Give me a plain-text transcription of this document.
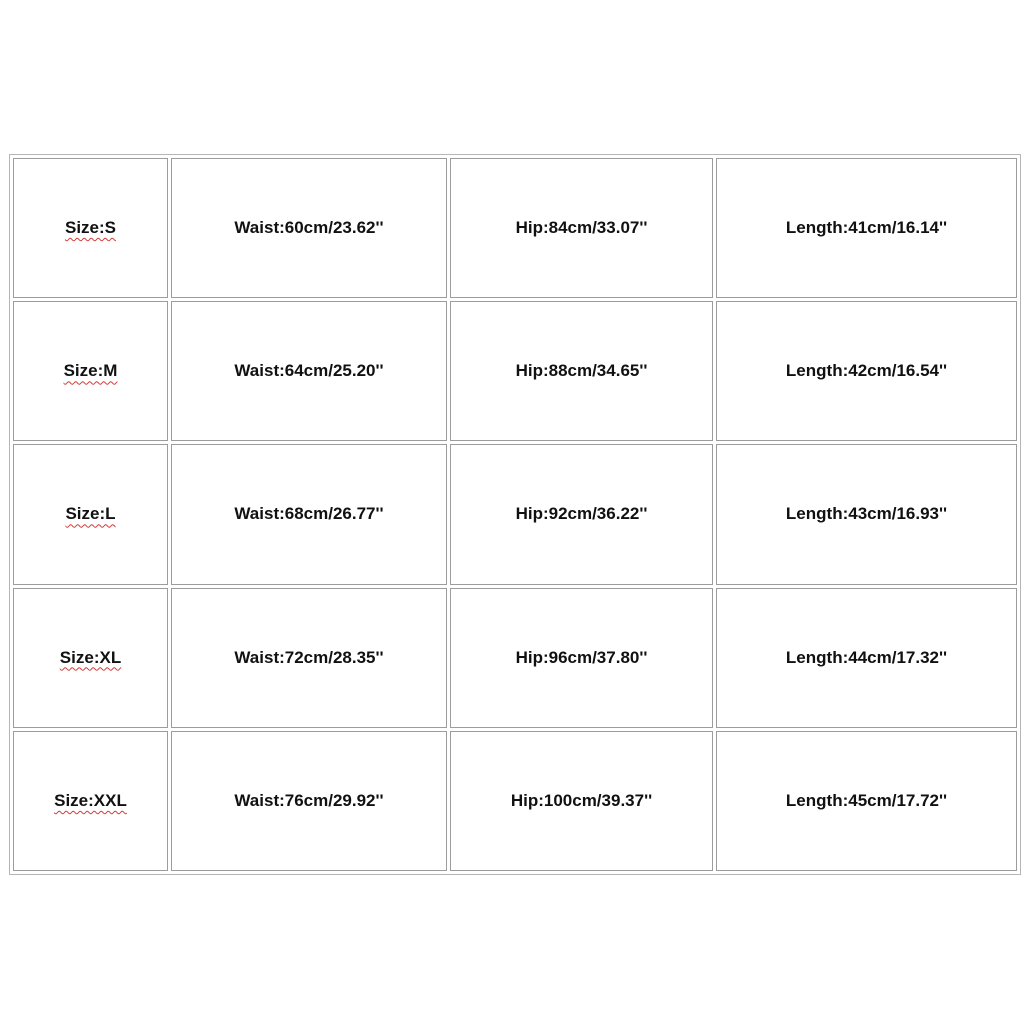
Size:S	Waist:60cm/23.62''	Hip:84cm/33.07''	Length:41cm/16.14''
Size:M	Waist:64cm/25.20''	Hip:88cm/34.65''	Length:42cm/16.54''
Size:L	Waist:68cm/26.77''	Hip:92cm/36.22''	Length:43cm/16.93''
Size:XL	Waist:72cm/28.35''	Hip:96cm/37.80''	Length:44cm/17.32''
Size:XXL	Waist:76cm/29.92''	Hip:100cm/39.37''	Length:45cm/17.72''
